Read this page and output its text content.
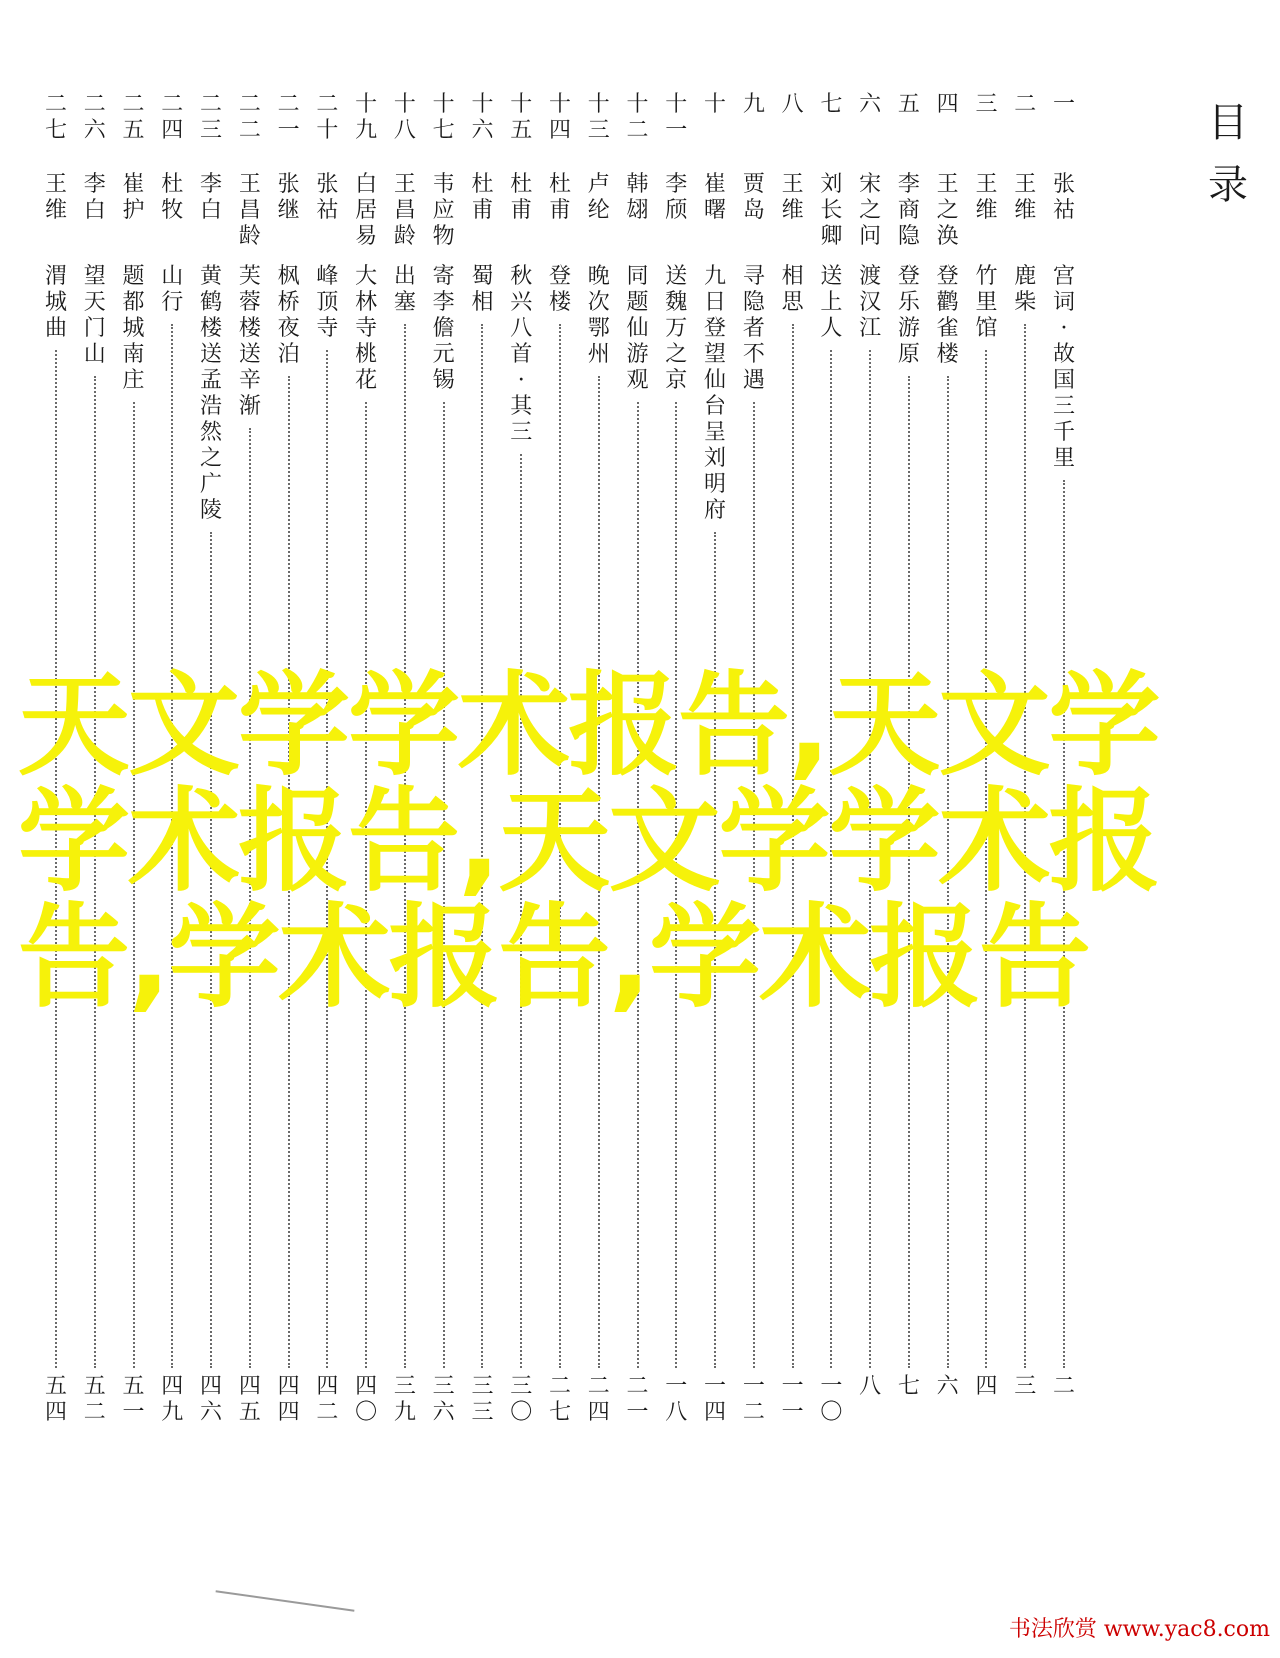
目
录
一
张
祜
宫
词
·
故
国
三
千
里
二
二
王
维
鹿
柴
三
三
王
维
竹
里
馆
四
四
王
之
涣
登
鹳
雀
楼
六
五
李
商
隐
登
乐
游
原
七
六
宋
之
问
渡
汉
江
八
七
刘
长
卿
送
上
人
一
〇
八
王
维
相
思
一
一
九
贾
岛
寻
隐
者
不
遇
一
二
十
崔
曙
九
日
登
望
仙
台
呈
刘
明
府
一
四
十
一
李
颀
送
魏
万
之
京
一
八
十
二
韩
翃
同
题
仙
游
观
二
一
十
三
卢
纶
晚
次
鄂
州
二
四
十
四
杜
甫
登
楼
二
七
十
五
杜
甫
秋
兴
八
首
·
其
三
三
〇
十
六
杜
甫
蜀
相
三
三
十
七
韦
应
物
寄
李
儋
元
锡
三
六
十
八
王
昌
龄
出
塞
三
九
十
九
白
居
易
大
林
寺
桃
花
四
〇
二
十
张
祜
峰
顶
寺
四
二
二
一
张
继
枫
桥
夜
泊
四
四
二
二
王
昌
龄
芙
蓉
楼
送
辛
渐
四
五
二
三
李
白
黄
鹤
楼
送
孟
浩
然
之
广
陵
四
六
二
四
杜
牧
山
行
四
九
二
五
崔
护
题
都
城
南
庄
五
一
二
六
李
白
望
天
门
山
五
二
二
七
王
维
渭
城
曲
五
四
天文学学术报告,天文学学术报告,天文学学术报告,学术报告,学术报告
书法欣赏 www.yac8.com
